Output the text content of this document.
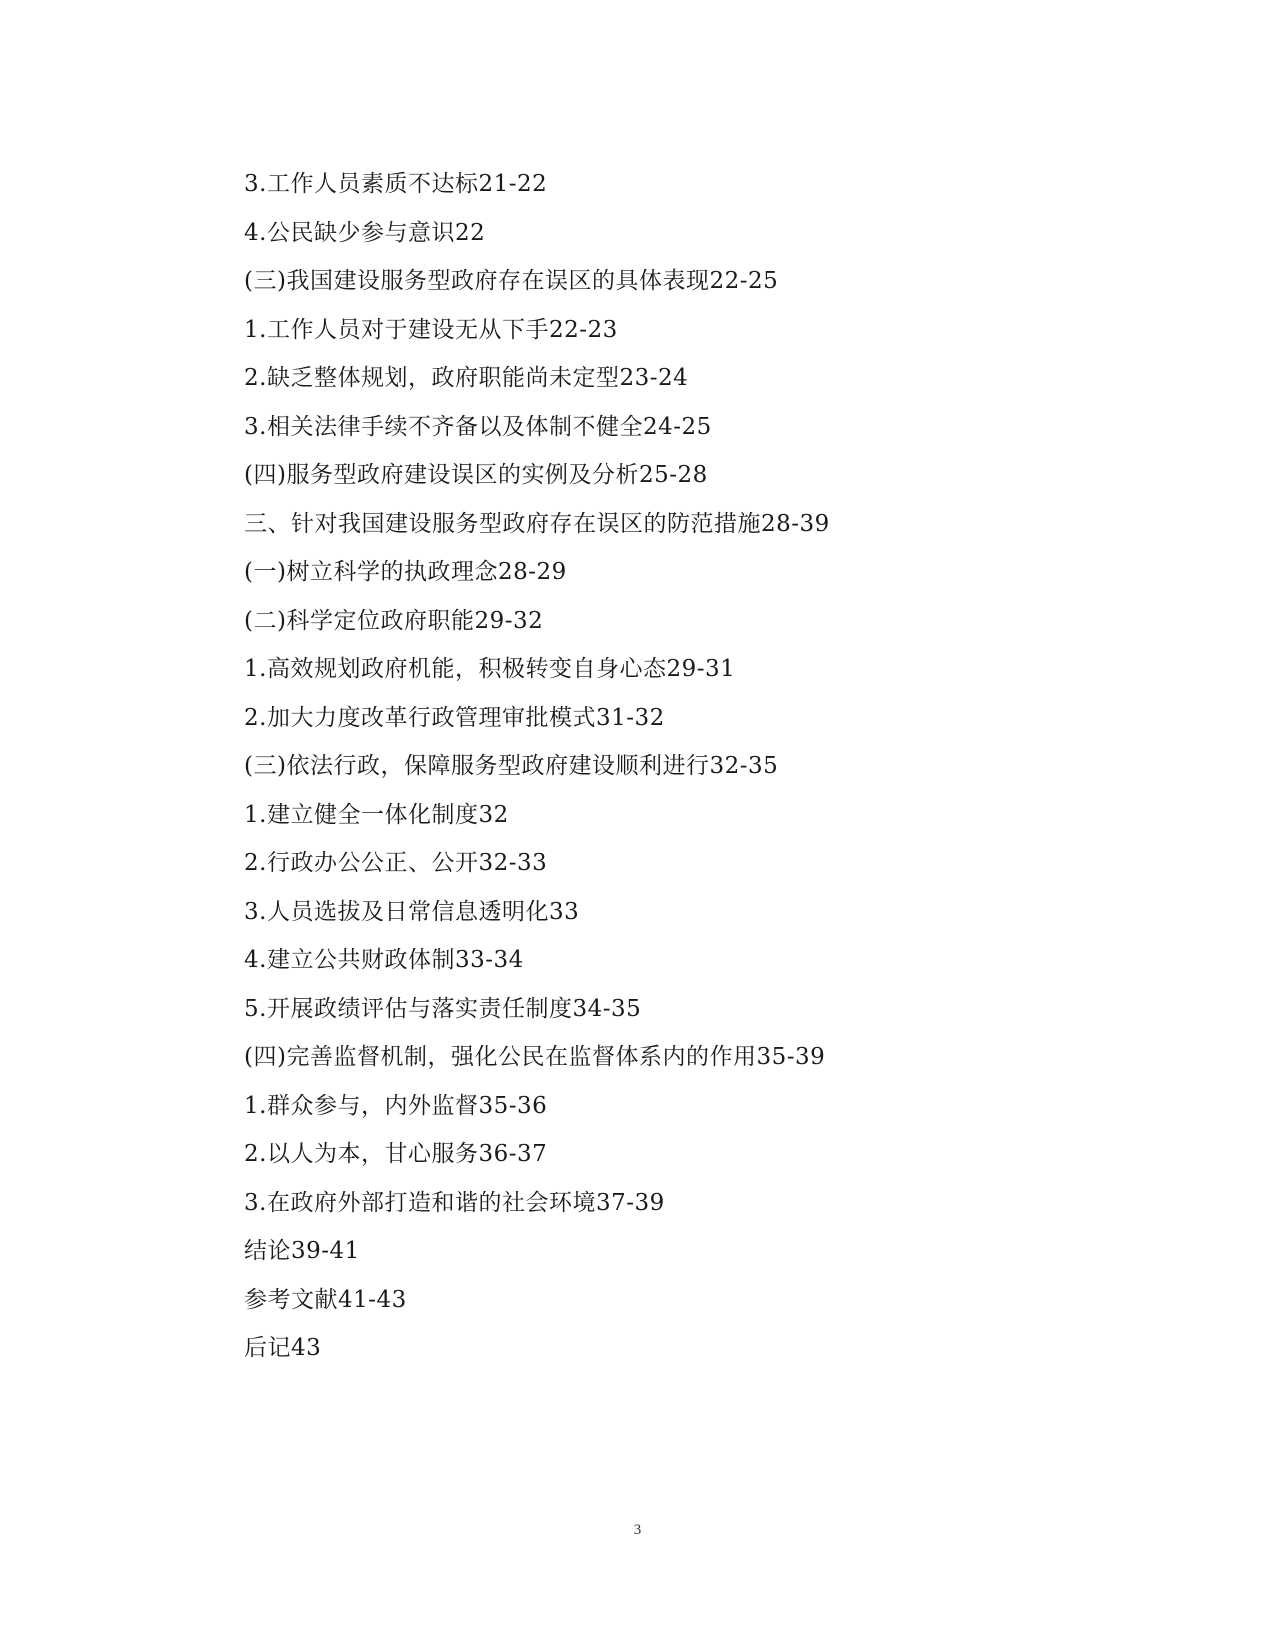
3.工作人员素质不达标21-22
4.公民缺少参与意识22
(三)我国建设服务型政府存在误区的具体表现22-25
1.工作人员对于建设无从下手22-23
2.缺乏整体规划，政府职能尚未定型23-24
3.相关法律手续不齐备以及体制不健全24-25
(四)服务型政府建设误区的实例及分析25-28
三、针对我国建设服务型政府存在误区的防范措施28-39
(一)树立科学的执政理念28-29
(二)科学定位政府职能29-32
1.高效规划政府机能，积极转变自身心态29-31
2.加大力度改革行政管理审批模式31-32
(三)依法行政，保障服务型政府建设顺利进行32-35
1.建立健全一体化制度32
2.行政办公公正、公开32-33
3.人员选拔及日常信息透明化33
4.建立公共财政体制33-34
5.开展政绩评估与落实责任制度34-35
(四)完善监督机制，强化公民在监督体系内的作用35-39
1.群众参与，内外监督35-36
2.以人为本，甘心服务36-37
3.在政府外部打造和谐的社会环境37-39
结论39-41
参考文献41-43
后记43
3
